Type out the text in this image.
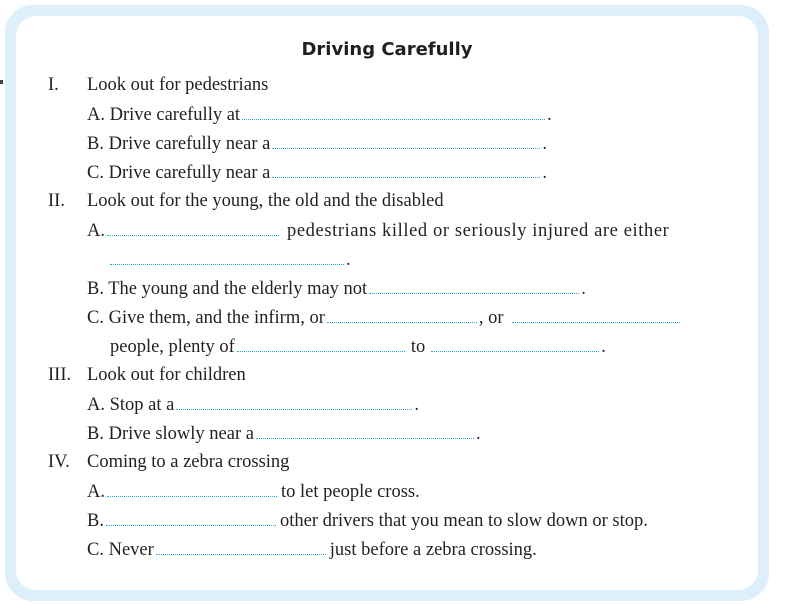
Driving Carefully
I. Look out for pedestrians
A. Drive carefully at	.
B. Drive carefully near a	.
C. Drive carefully near a	.
II. Look out for the young, the old and the disabled
A.	pedestrians killed or seriously injured are either
.
B. The young and the elderly may not	.
C. Give them, and the infirm, or	, or
people, plenty of	to	.
III. Look out for children
A. Stop at a	.
B. Drive slowly near a	.
IV. Coming to a zebra crossing
A.	to let people cross.
B.	other drivers that you mean to slow down or stop.
C. Never	just before a zebra crossing.
